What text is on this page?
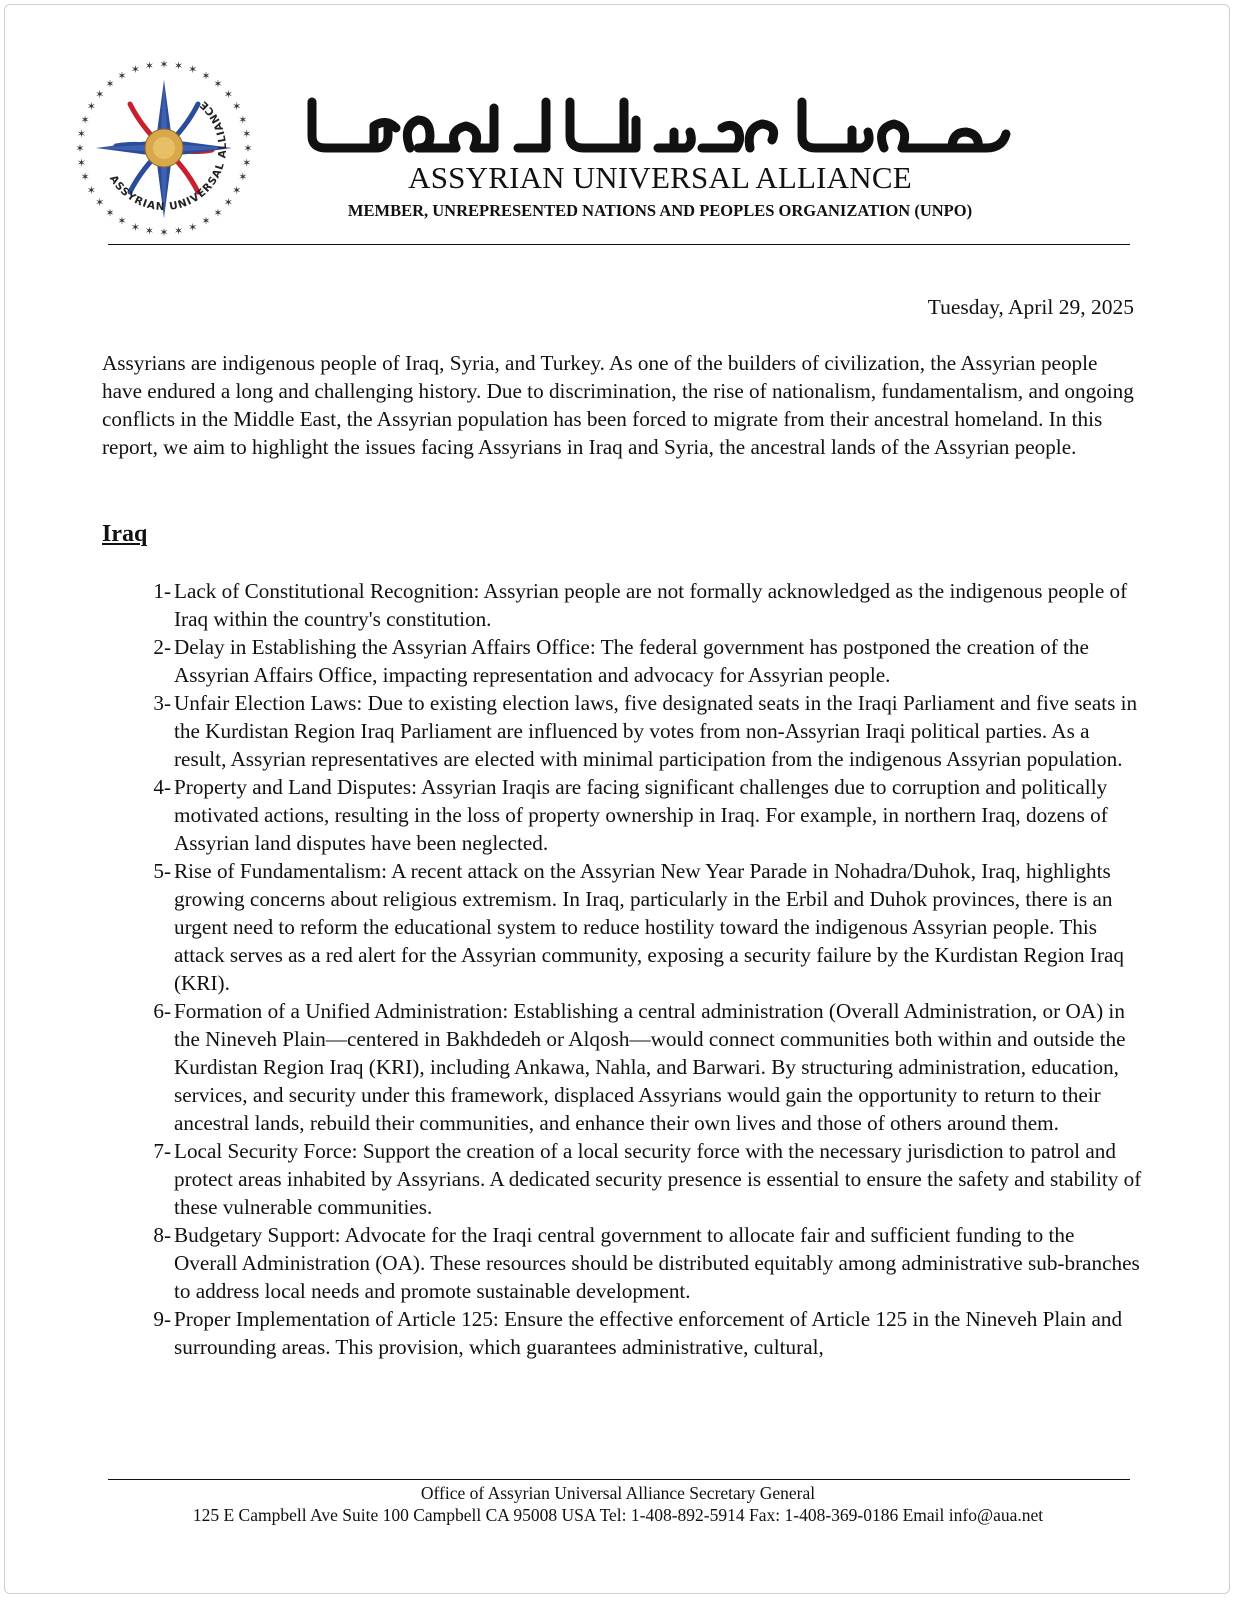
✶
✶
✶
✶
✶
✶
✶
✶
✶
✶
✶
✶
✶
✶
✶
✶
✶
✶
✶
✶
✶
✶
✶
✶
✶
✶ ✶ ✶ ✶ ✶
✶
✶
✶
✶
✶
✶
ASSYRIAN UNIVERSAL ALLIANCE
ܚܘܝܕܐ ܬܒܝܠܝܐ ܐܬܘܪܝܐ
ASSYRIAN UNIVERSAL ALLIANCE
MEMBER, UNREPRESENTED NATIONS AND PEOPLES ORGANIZATION (UNPO)
Tuesday, April 29, 2025

Assyrians are indigenous people of Iraq, Syria, and Turkey. As one of the builders of civilization, the Assyrian people have endured a long and challenging history. Due to discrimination, the rise of nationalism, fundamentalism, and ongoing conflicts in the Middle East, the Assyrian population has been forced to migrate from their ancestral homeland. In this report, we aim to highlight the issues facing Assyrians in Iraq and Syria, the ancestral lands of the Assyrian people.

Iraq
1- Lack of Constitutional Recognition: Assyrian people are not formally acknowledged as the indigenous people of Iraq within the country's constitution.
2- Delay in Establishing the Assyrian Affairs Office: The federal government has postponed the creation of the Assyrian Affairs Office, impacting representation and advocacy for Assyrian people.
3- Unfair Election Laws: Due to existing election laws, five designated seats in the Iraqi Parliament and five seats in the Kurdistan Region Iraq Parliament are influenced by votes from non-Assyrian Iraqi political parties. As a result, Assyrian representatives are elected with minimal participation from the indigenous Assyrian population.
4- Property and Land Disputes: Assyrian Iraqis are facing significant challenges due to corruption and politically motivated actions, resulting in the loss of property ownership in Iraq. For example, in northern Iraq, dozens of Assyrian land disputes have been neglected.
5- Rise of Fundamentalism: A recent attack on the Assyrian New Year Parade in Nohadra/Duhok, Iraq, highlights growing concerns about religious extremism. In Iraq, particularly in the Erbil and Duhok provinces, there is an urgent need to reform the educational system to reduce hostility toward the indigenous Assyrian people. This attack serves as a red alert for the Assyrian community, exposing a security failure by the Kurdistan Region Iraq (KRI).
6- Formation of a Unified Administration: Establishing a central administration (Overall Administration, or OA) in the Nineveh Plain—centered in Bakhdedeh or Alqosh—would connect communities both within and outside the Kurdistan Region Iraq (KRI), including Ankawa, Nahla, and Barwari. By structuring administration, education, services, and security under this framework, displaced Assyrians would gain the opportunity to return to their ancestral lands, rebuild their communities, and enhance their own lives and those of others around them.
7- Local Security Force: Support the creation of a local security force with the necessary jurisdiction to patrol and protect areas inhabited by Assyrians. A dedicated security presence is essential to ensure the safety and stability of these vulnerable communities.
8- Budgetary Support: Advocate for the Iraqi central government to allocate fair and sufficient funding to the Overall Administration (OA). These resources should be distributed equitably among administrative sub-branches to address local needs and promote sustainable development.
9- Proper Implementation of Article 125: Ensure the effective enforcement of Article 125 in the Nineveh Plain and surrounding areas. This provision, which guarantees administrative, cultural,
Office of Assyrian Universal Alliance Secretary General
125 E Campbell Ave Suite 100 Campbell CA 95008 USA Tel: 1-408-892-5914 Fax: 1-408-369-0186 Email info@aua.net
